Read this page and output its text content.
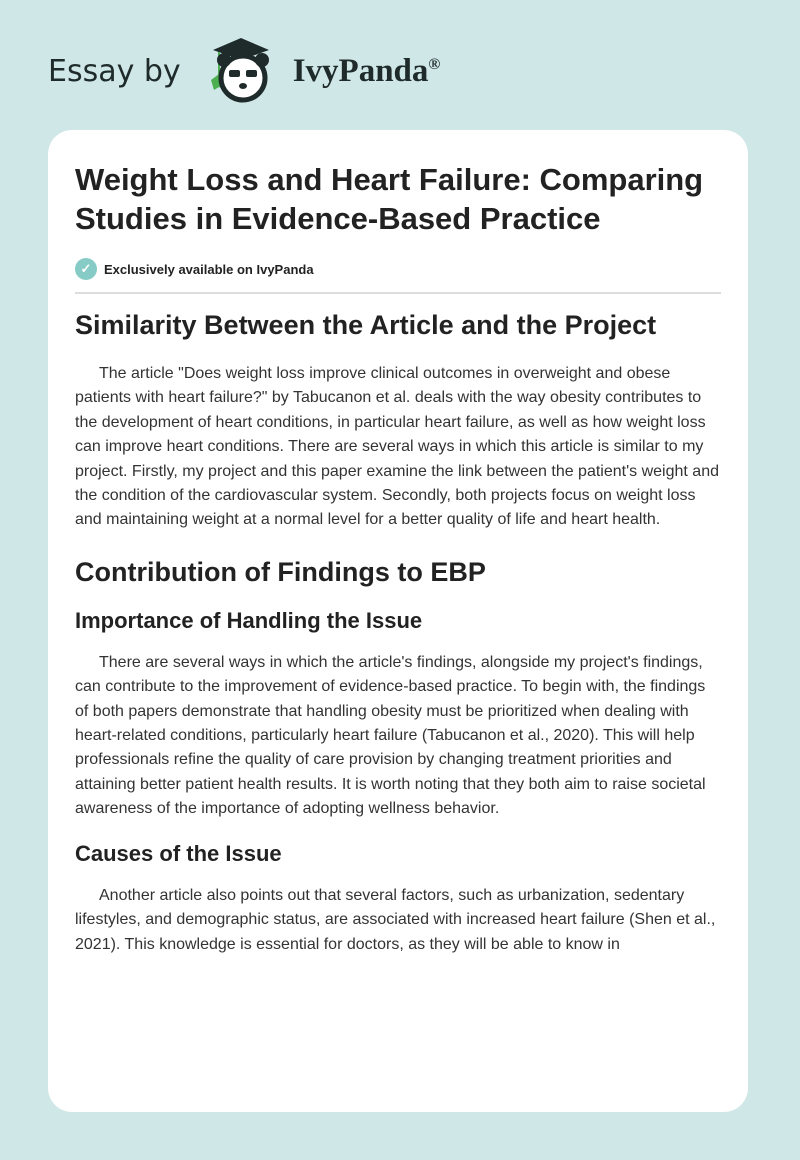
Essay by	IvyPanda®
Weight Loss and Heart Failure: Comparing Studies in Evidence-Based Practice
✓ Exclusively available on IvyPanda
Similarity Between the Article and the Project

The article "Does weight loss improve clinical outcomes in overweight and obese patients with heart failure?" by Tabucanon et al. deals with the way obesity contributes to the development of heart conditions, in particular heart failure, as well as how weight loss can improve heart conditions. There are several ways in which this article is similar to my project. Firstly, my project and this paper examine the link between the patient's weight and the condition of the cardiovascular system. Secondly, both projects focus on weight loss and maintaining weight at a normal level for a better quality of life and heart health.

Contribution of Findings to EBP
Importance of Handling the Issue

There are several ways in which the article's findings, alongside my project's findings, can contribute to the improvement of evidence-based practice. To begin with, the findings of both papers demonstrate that handling obesity must be prioritized when dealing with heart-related conditions, particularly heart failure (Tabucanon et al., 2020). This will help professionals refine the quality of care provision by changing treatment priorities and attaining better patient health results. It is worth noting that they both aim to raise societal awareness of the importance of adopting wellness behavior.

Causes of the Issue

Another article also points out that several factors, such as urbanization, sedentary lifestyles, and demographic status, are associated with increased heart failure (Shen et al., 2021). This knowledge is essential for doctors, as they will be able to know in
